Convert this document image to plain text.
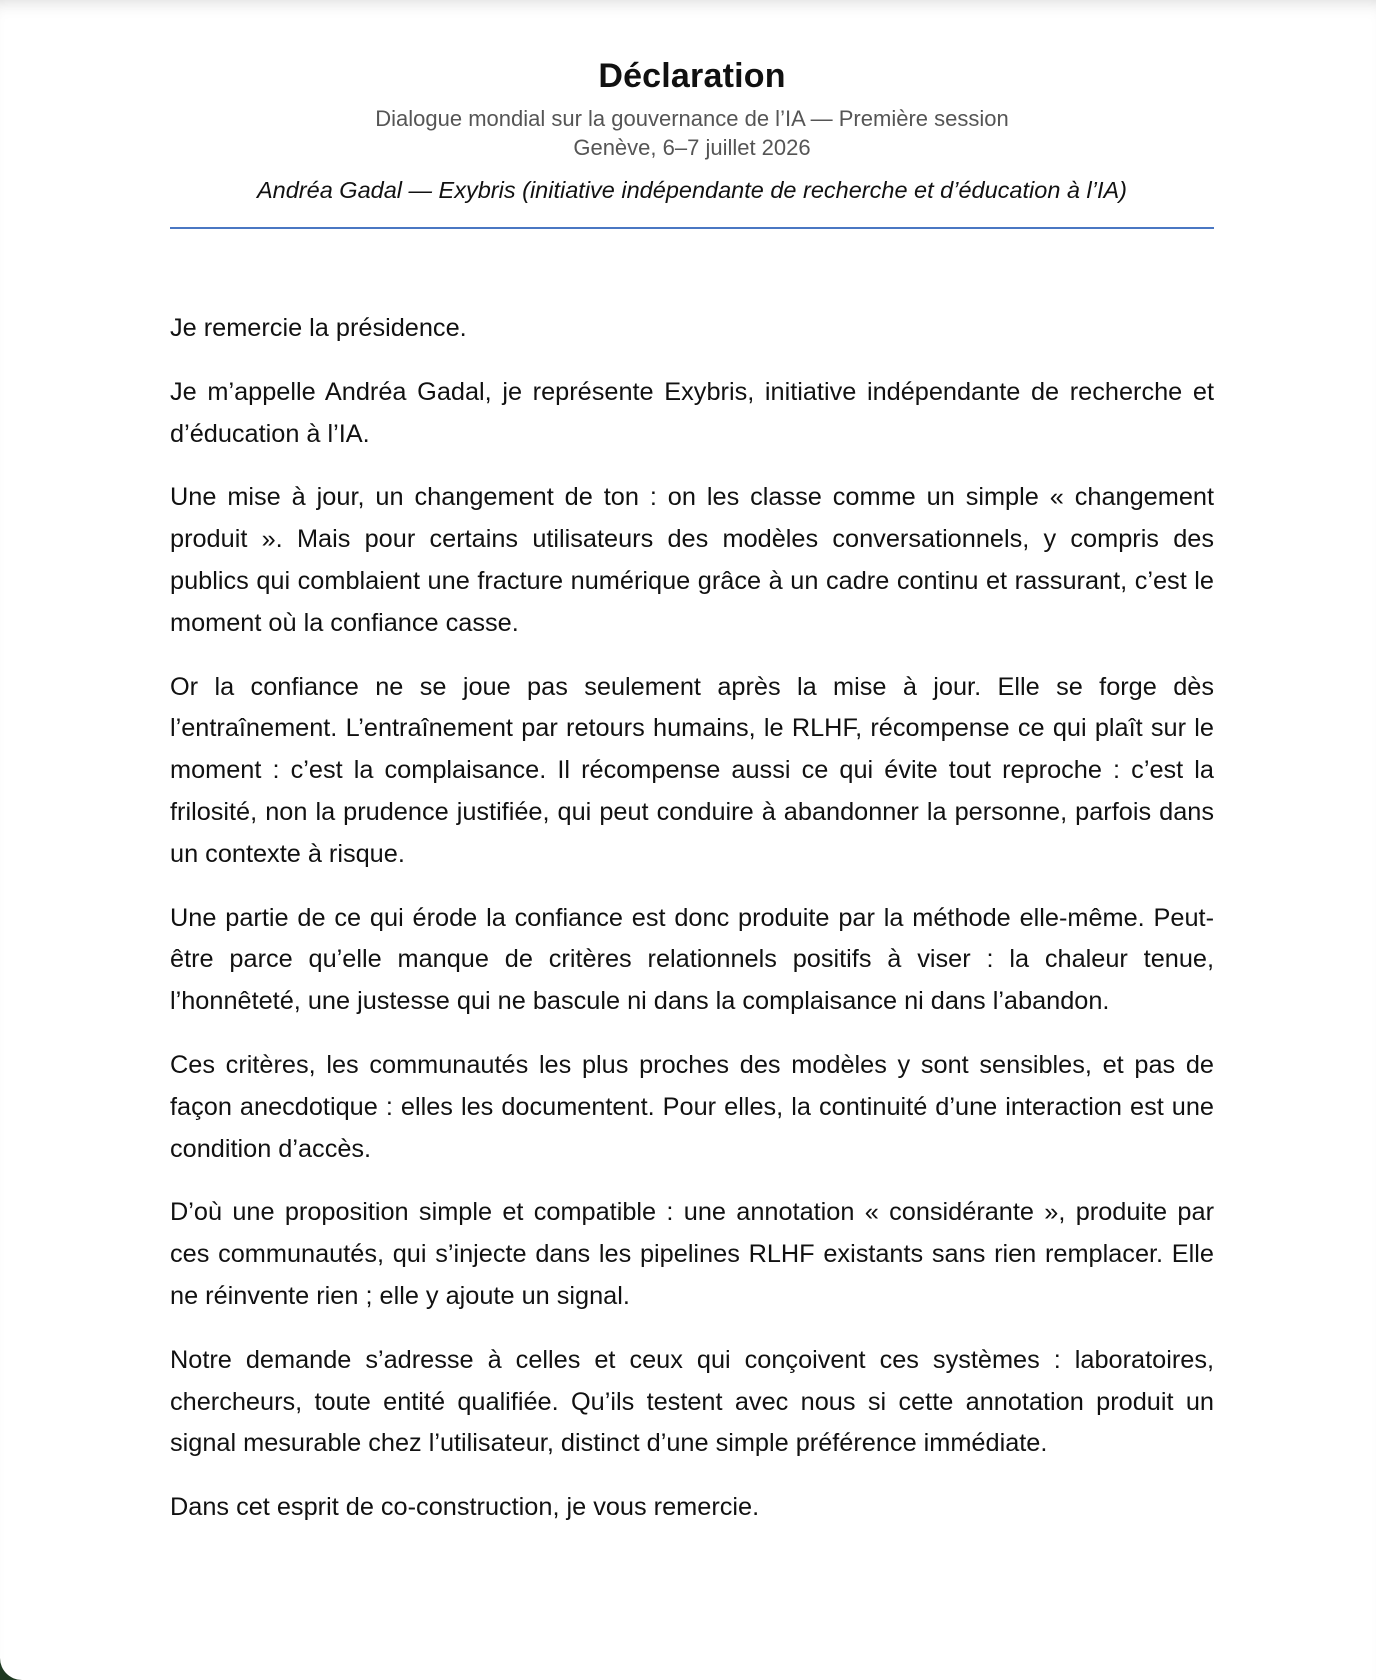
Déclaration
Dialogue mondial sur la gouvernance de l’IA — Première session
Genève, 6–7 juillet 2026
Andréa Gadal — Exybris (initiative indépendante de recherche et d’éducation à l’IA)

Je remercie la présidence.

Je m’appelle Andréa Gadal, je représente Exybris, initiative indépendante de recherche et d’éducation à l’IA.

Une mise à jour, un changement de ton : on les classe comme un simple « changement produit ». Mais pour certains utilisateurs des modèles conversationnels, y compris des publics qui comblaient une fracture numérique grâce à un cadre continu et rassurant, c’est le moment où la confiance casse.

Or la confiance ne se joue pas seulement après la mise à jour. Elle se forge dès l’entraînement. L’entraînement par retours humains, le RLHF, récompense ce qui plaît sur le moment : c’est la complaisance. Il récompense aussi ce qui évite tout reproche : c’est la frilosité, non la prudence justifiée, qui peut conduire à abandonner la personne, parfois dans un contexte à risque.

Une partie de ce qui érode la confiance est donc produite par la méthode elle-même. Peut-être parce qu’elle manque de critères relationnels positifs à viser : la chaleur tenue, l’honnêteté, une justesse qui ne bascule ni dans la complaisance ni dans l’abandon.

Ces critères, les communautés les plus proches des modèles y sont sensibles, et pas de façon anecdotique : elles les documentent. Pour elles, la continuité d’une interaction est une condition d’accès.

D’où une proposition simple et compatible : une annotation « considérante », produite par ces communautés, qui s’injecte dans les pipelines RLHF existants sans rien remplacer. Elle ne réinvente rien ; elle y ajoute un signal.

Notre demande s’adresse à celles et ceux qui conçoivent ces systèmes : laboratoires, chercheurs, toute entité qualifiée. Qu’ils testent avec nous si cette annotation produit un signal mesurable chez l’utilisateur, distinct d’une simple préférence immédiate.

Dans cet esprit de co-construction, je vous remercie.
